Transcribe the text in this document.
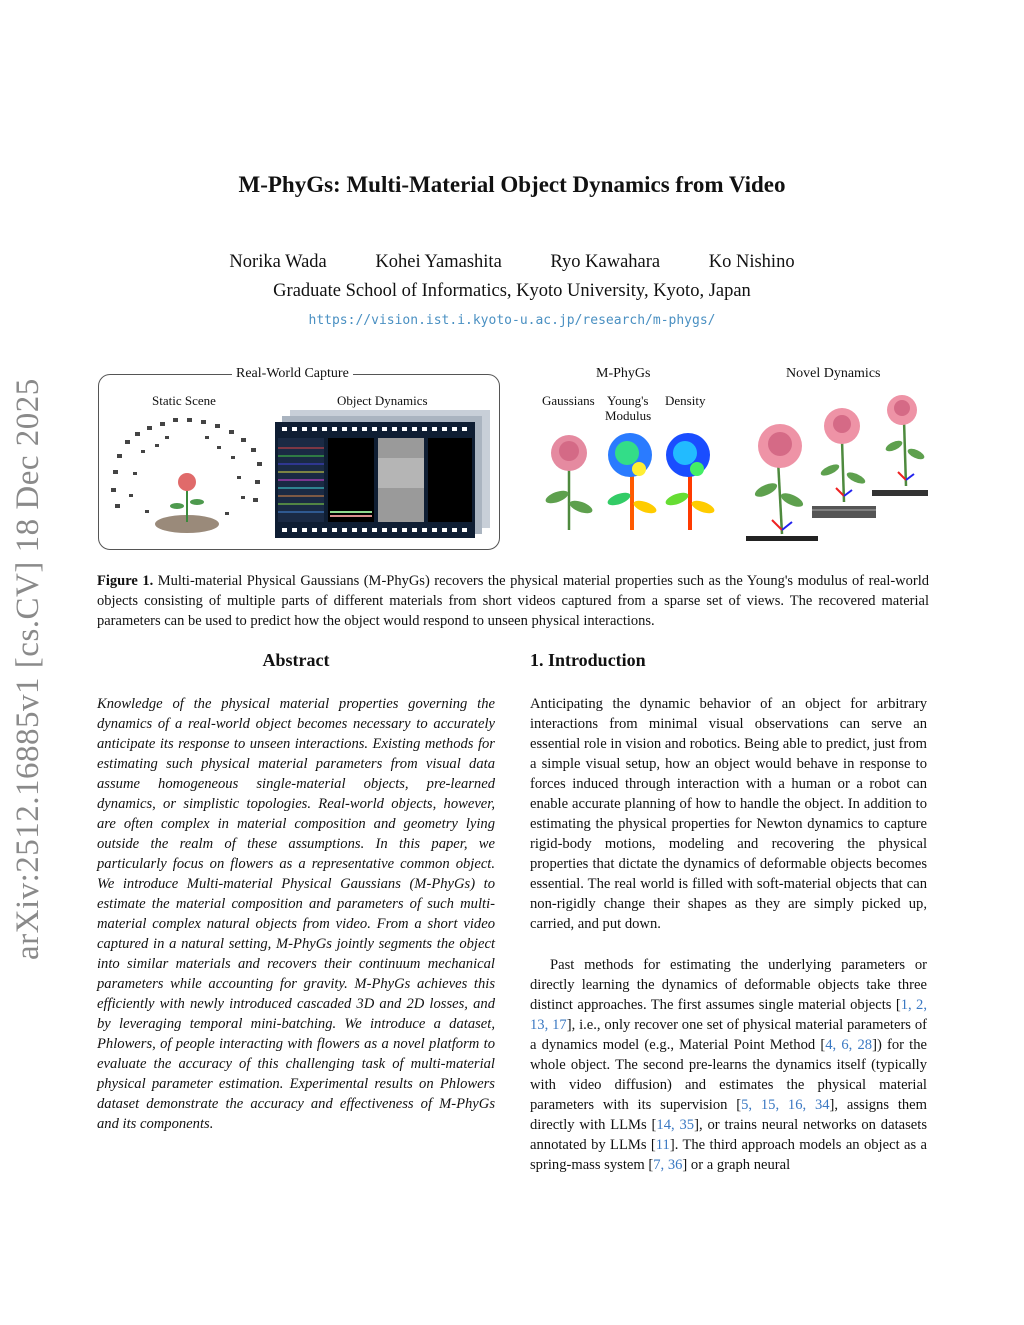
arXiv:2512.16885v1 [cs.CV] 18 Dec 2025
M-PhyGs: Multi-Material Object Dynamics from Video
Norika Wada	Kohei Yamashita	Ryo Kawahara	Ko Nishino
Graduate School of Informatics, Kyoto University, Kyoto, Japan
https://vision.ist.i.kyoto-u.ac.jp/research/m-phygs/
Real-World Capture
Static Scene	Object Dynamics
M-PhyGs
Gaussians Young's
Modulus
Density
Novel Dynamics
Figure 1. Multi-material Physical Gaussians (M-PhyGs) recovers the physical material properties such as the Young's modulus of real-world objects consisting of multiple parts of different materials from short videos captured from a sparse set of views. The recovered material parameters can be used to predict how the object would respond to unseen physical interactions.
Abstract
Knowledge of the physical material properties governing the dynamics of a real-world object becomes necessary to accurately anticipate its response to unseen interactions. Existing methods for estimating such physical material parameters from visual data assume homogeneous single-material objects, pre-learned dynamics, or simplistic topologies. Real-world objects, however, are often complex in material composition and geometry lying outside the realm of these assumptions. In this paper, we particularly focus on flowers as a representative common object. We introduce Multi-material Physical Gaussians (M-PhyGs) to estimate the material composition and parameters of such multi-material complex natural objects from video. From a short video captured in a natural setting, M-PhyGs jointly segments the object into similar materials and recovers their continuum mechanical parameters while accounting for gravity. M-PhyGs achieves this efficiently with newly introduced cascaded 3D and 2D losses, and by leveraging temporal mini-batching. We introduce a dataset, Phlowers, of people interacting with flowers as a novel platform to evaluate the accuracy of this challenging task of multi-material physical parameter estimation. Experimental results on Phlowers dataset demonstrate the accuracy and effectiveness of M-PhyGs and its components.
1. Introduction
Anticipating the dynamic behavior of an object for arbitrary interactions from minimal visual observations can serve an essential role in vision and robotics. Being able to predict, just from a simple visual setup, how an object would behave in response to forces induced through interaction with a human or a robot can enable accurate planning of how to handle the object. In addition to estimating the physical properties for Newton dynamics to capture rigid-body motions, modeling and recovering the physical properties that dictate the dynamics of deformable objects becomes essential. The real world is filled with soft-material objects that can non-rigidly change their shapes as they are simply picked up, carried, and put down.
Past methods for estimating the underlying parameters or directly learning the dynamics of deformable objects take three distinct approaches. The first assumes single material objects [1, 2, 13, 17], i.e., only recover one set of physical material parameters of a dynamics model (e.g., Material Point Method [4, 6, 28]) for the whole object. The second pre-learns the dynamics itself (typically with video diffusion) and estimates the physical material parameters with its supervision [5, 15, 16, 34], assigns them directly with LLMs [14, 35], or trains neural networks on datasets annotated by LLMs [11]. The third approach models an object as a spring-mass system [7, 36] or a graph neural
